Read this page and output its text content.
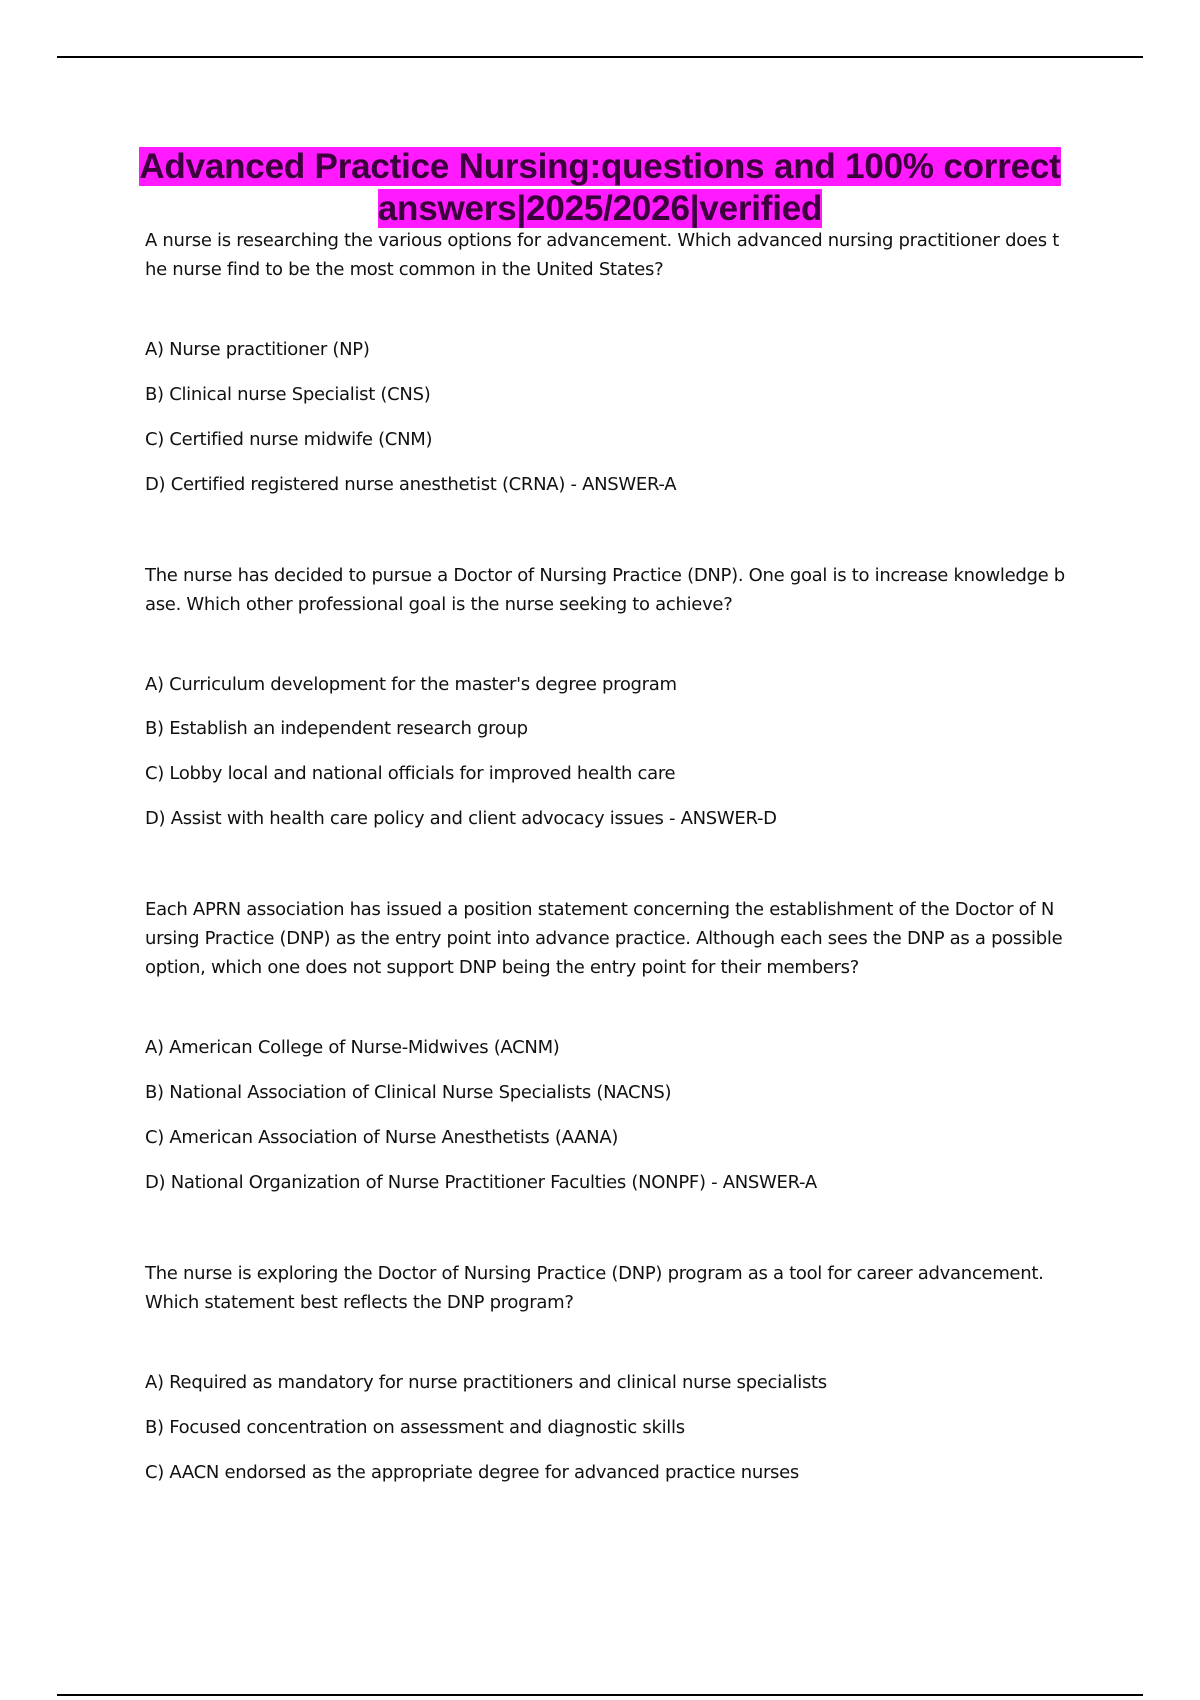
Advanced Practice Nursing:questions and 100% correct answers|2025/2026|verified

A nurse is researching the various options for advancement. Which advanced nursing practitioner does the nurse find to be the most common in the United States?

A) Nurse practitioner (NP)
B) Clinical nurse Specialist (CNS)
C) Certified nurse midwife (CNM)
D) Certified registered nurse anesthetist (CRNA) - ANSWER-A

The nurse has decided to pursue a Doctor of Nursing Practice (DNP). One goal is to increase knowledge base. Which other professional goal is the nurse seeking to achieve?

A) Curriculum development for the master's degree program
B) Establish an independent research group
C) Lobby local and national officials for improved health care
D) Assist with health care policy and client advocacy issues - ANSWER-D

Each APRN association has issued a position statement concerning the establishment of the Doctor of Nursing Practice (DNP) as the entry point into advance practice. Although each sees the DNP as a possible option, which one does not support DNP being the entry point for their members?

A) American College of Nurse-Midwives (ACNM)
B) National Association of Clinical Nurse Specialists (NACNS)
C) American Association of Nurse Anesthetists (AANA)
D) National Organization of Nurse Practitioner Faculties (NONPF) - ANSWER-A

The nurse is exploring the Doctor of Nursing Practice (DNP) program as a tool for career advancement. Which statement best reflects the DNP program?

A) Required as mandatory for nurse practitioners and clinical nurse specialists
B) Focused concentration on assessment and diagnostic skills
C) AACN endorsed as the appropriate degree for advanced practice nurses
